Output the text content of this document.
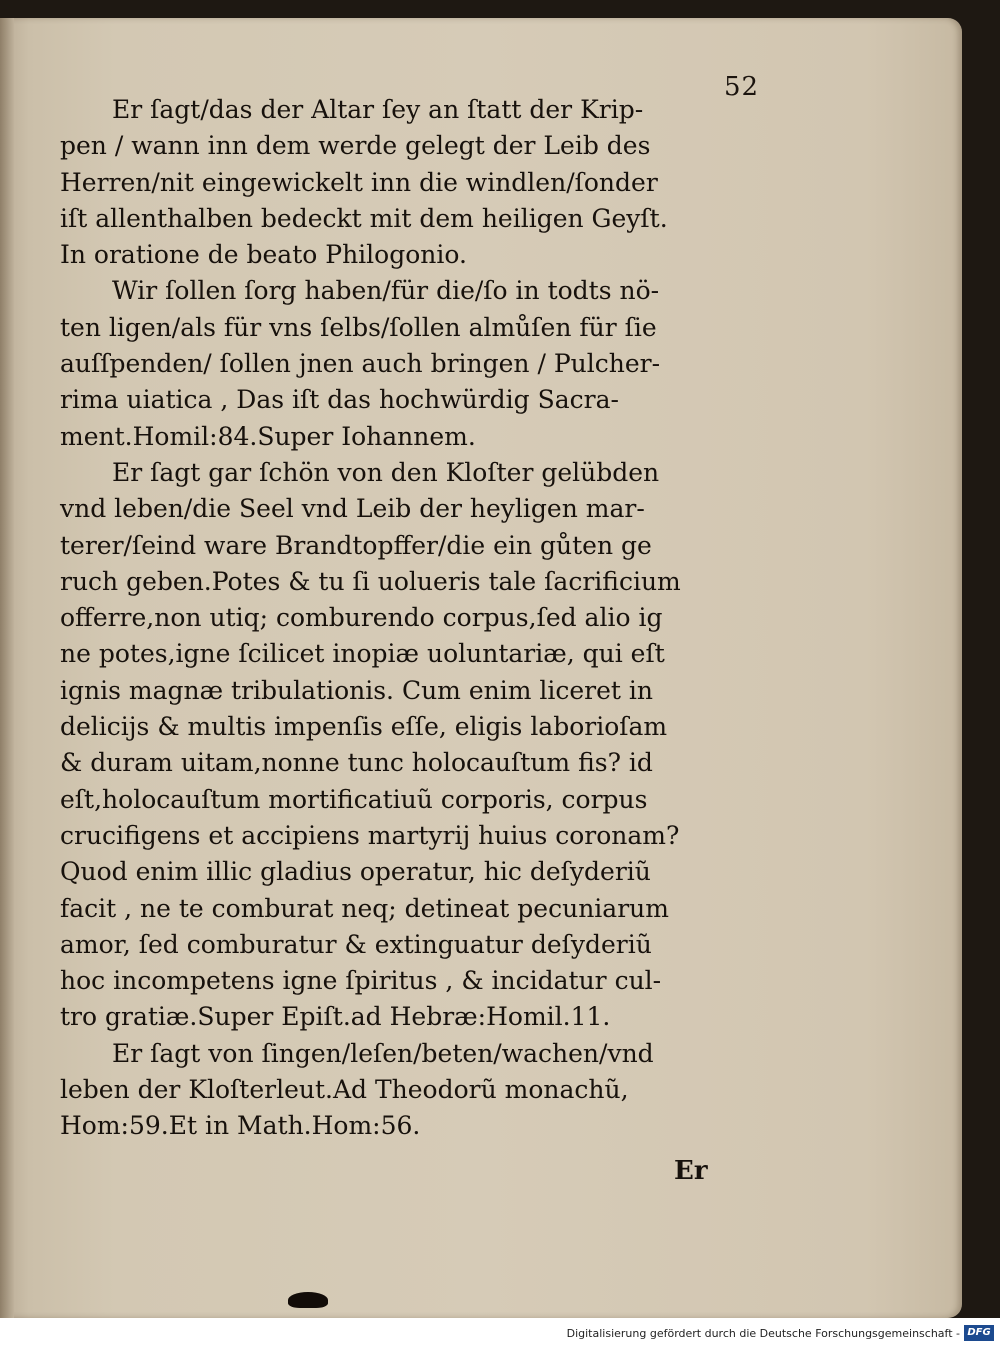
52
Er ſagt/das der Altar ſey an ſtatt der Krip-
pen / wann inn dem werde gelegt der Leib des
Herren/nit eingewickelt inn die windlen/ſonder
iſt allenthalben bedeckt mit dem heiligen Geyſt.
In oratione de beato Philogonio.
Wir ſollen ſorg haben/für die/ſo in todts nö-
ten ligen/als für vns ſelbs/ſollen almůſen für ſie
auſſpenden/ ſollen jnen auch bringen / Pulcher-
rima uiatica , Das iſt das hochwürdig Sacra-
ment.Homil:84.Super Iohannem.
Er ſagt gar ſchön von den Kloſter gelübden
vnd leben/die Seel vnd Leib der heyligen mar-
terer/ſeind ware Brandtopffer/die ein gůten ge
ruch geben.Potes & tu ſi uolueris tale ſacrificium
offerre,non utiq; comburendo corpus,ſed alio ig
ne potes,igne ſcilicet inopiæ uoluntariæ, qui eſt
ignis magnæ tribulationis. Cum enim liceret in
delicijs & multis impenſis eſſe, eligis laborioſam
& duram uitam,nonne tunc holocauſtum fis? id
eſt,holocauſtum mortificatiuũ corporis, corpus
crucifigens et accipiens martyrij huius coronam?
Quod enim illic gladius operatur, hic deſyderiũ
facit , ne te comburat neq; detineat pecuniarum
amor, ſed comburatur & extinguatur deſyderiũ
hoc incompetens igne ſpiritus , & incidatur cul-
tro gratiæ.Super Epiſt.ad Hebræ:Homil.11.
Er ſagt von ſingen/leſen/beten/wachen/vnd
leben der Kloſterleut.Ad Theodorũ monachũ,
Hom:59.Et in Math.Hom:56.
Er
Digitalisierung gefördert durch die Deutsche Forschungsgemeinschaft - DFG
